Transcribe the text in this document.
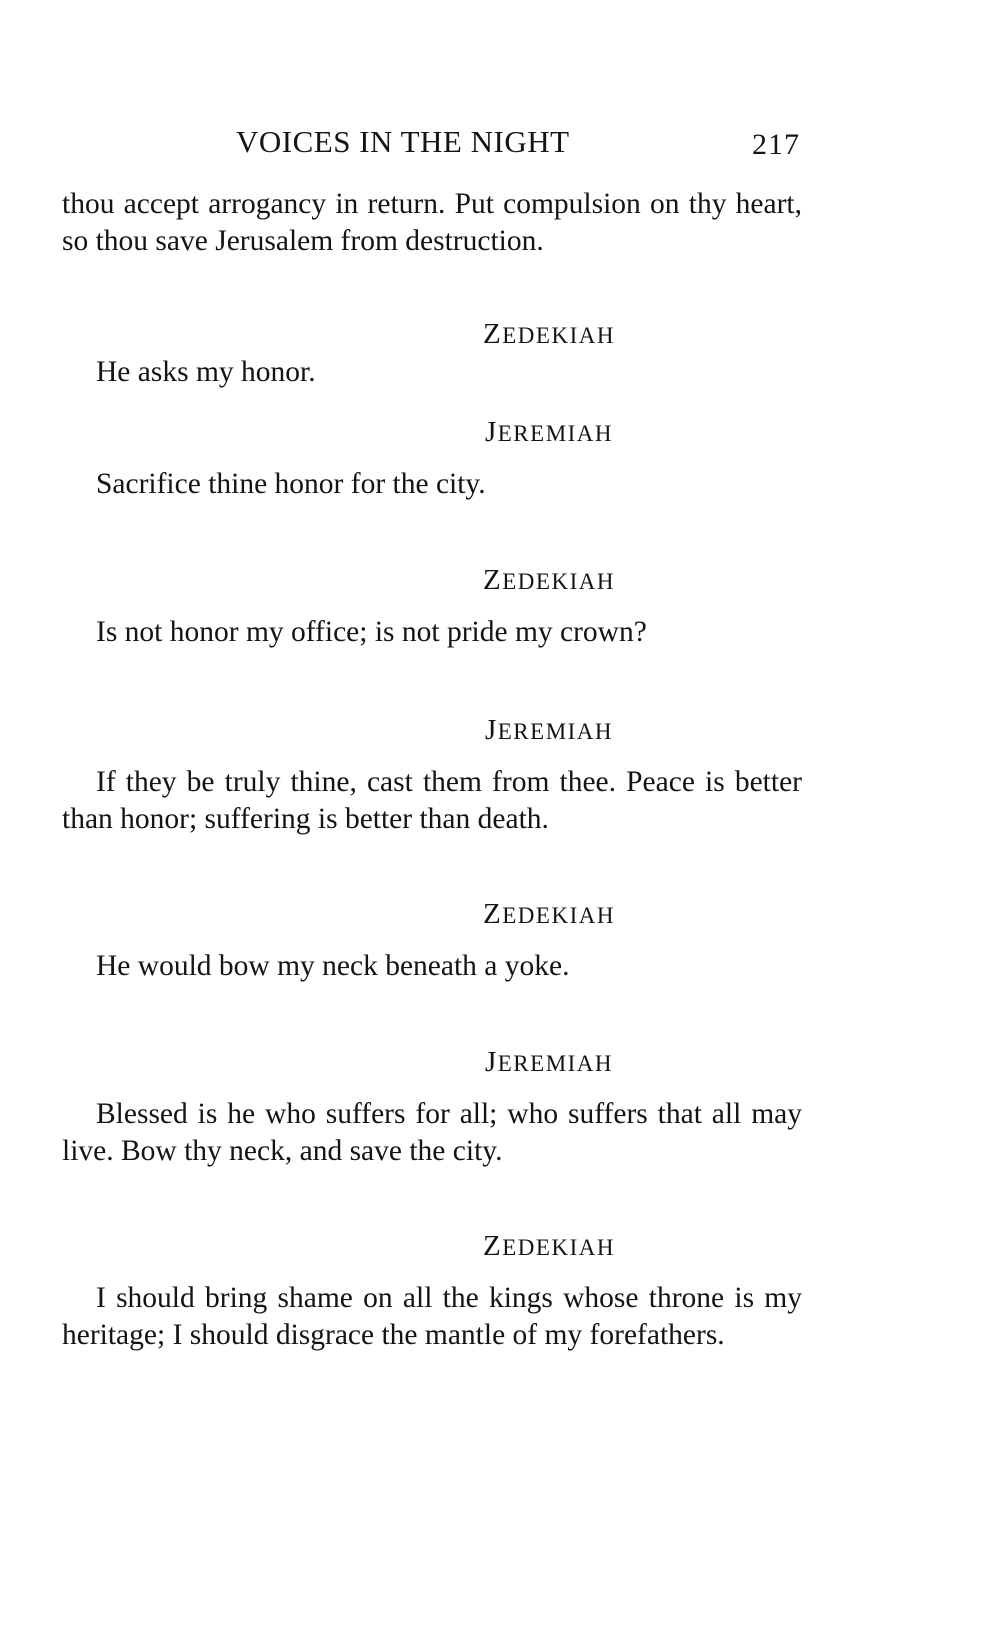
VOICES IN THE NIGHT	217

thou accept arrogancy in return. Put compulsion on thy heart, so thou save Jerusalem from destruction.

ZEDEKIAH

He asks my honor.

JEREMIAH

Sacrifice thine honor for the city.

ZEDEKIAH

Is not honor my office; is not pride my crown?

JEREMIAH

If they be truly thine, cast them from thee. Peace is better than honor; suffering is better than death.

ZEDEKIAH

He would bow my neck beneath a yoke.

JEREMIAH

Blessed is he who suffers for all; who suffers that all may live. Bow thy neck, and save the city.

ZEDEKIAH

I should bring shame on all the kings whose throne is my heritage; I should disgrace the mantle of my forefathers.
